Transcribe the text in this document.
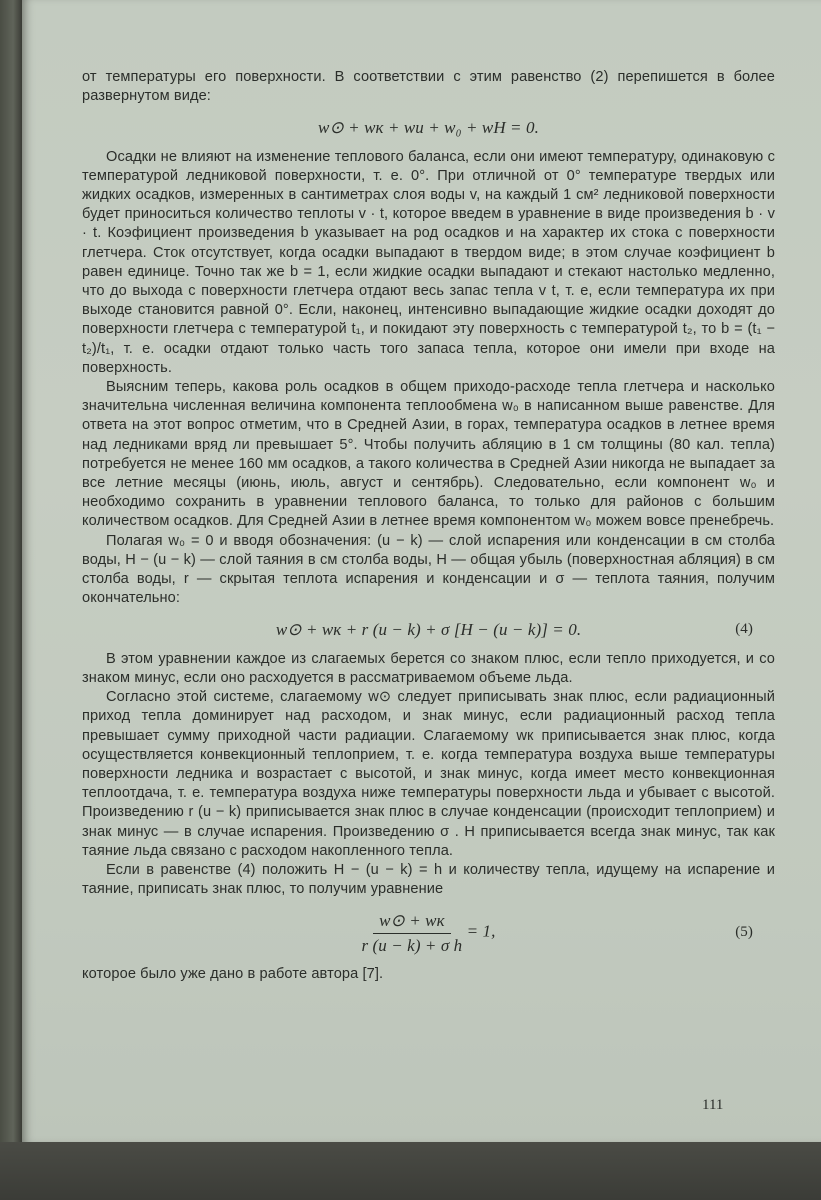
от температуры его поверхности. В соответствии с этим равенство (2) перепишется в более развернутом виде:

w⊙ + wк + wи + w₀ + wH = 0.

Осадки не влияют на изменение теплового баланса, если они имеют температуру, одинаковую с температурой ледниковой поверхности, т. е. 0°. При отличной от 0° температуре твердых или жидких осадков, измеренных в сантиметрах слоя воды v, на каждый 1 см² ледниковой поверхности будет приноситься количество теплоты v · t, которое введем в уравнение в виде произведения b · v · t. Коэфициент произведения b указывает на род осадков и на характер их стока с поверхности глетчера. Сток отсутствует, когда осадки выпадают в твердом виде; в этом случае коэфициент b равен единице. Точно так же b = 1, если жидкие осадки выпадают и стекают настолько медленно, что до выхода с поверхности глетчера отдают весь запас тепла v t, т. е, если температура их при выходе становится равной 0°. Если, наконец, интенсивно выпадающие жидкие осадки доходят до поверхности глетчера с температурой t₁, и покидают эту поверхность с температурой t₂, то b = (t₁ − t₂)/t₁, т. е. осадки отдают только часть того запаса тепла, которое они имели при входе на поверхность.

Выясним теперь, какова роль осадков в общем приходо-расходе тепла глетчера и насколько значительна численная величина компонента теплообмена w₀ в написанном выше равенстве. Для ответа на этот вопрос отметим, что в Средней Азии, в горах, температура осадков в летнее время над ледниками вряд ли превышает 5°. Чтобы получить абляцию в 1 см толщины (80 кал. тепла) потребуется не менее 160 мм осадков, а такого количества в Средней Азии никогда не выпадает за все летние месяцы (июнь, июль, август и сентябрь). Следовательно, если компонент w₀ и необходимо сохранить в уравнении теплового баланса, то только для районов с большим количеством осадков. Для Средней Азии в летнее время компонентом w₀ можем вовсе пренебречь.

Полагая w₀ = 0 и вводя обозначения: (u − k) — слой испарения или конденсации в см столба воды, H − (u − k) — слой таяния в см столба воды, H — общая убыль (поверхностная абляция) в см столба воды, r — скрытая теплота испарения и конденсации и σ — теплота таяния, получим окончательно:

w⊙ + wк + r (u − k) + σ [H − (u − k)] = 0.	(4)

В этом уравнении каждое из слагаемых берется со знаком плюс, если тепло приходуется, и со знаком минус, если оно расходуется в рассматриваемом объеме льда.

Согласно этой системе, слагаемому w⊙ следует приписывать знак плюс, если радиационный приход тепла доминирует над расходом, и знак минус, если радиационный расход тепла превышает сумму приходной части радиации. Слагаемому wк приписывается знак плюс, когда осуществляется конвекционный теплоприем, т. е. когда температура воздуха выше температуры поверхности ледника и возрастает с высотой, и знак минус, когда имеет место конвекционная теплоотдача, т. е. температура воздуха ниже температуры поверхности льда и убывает с высотой. Произведению r (u − k) приписывается знак плюс в случае конденсации (происходит теплоприем) и знак минус — в случае испарения. Произведению σ . H приписывается всегда знак минус, так как таяние льда связано с расходом накопленного тепла.

Если в равенстве (4) положить H − (u − k) = h и количеству тепла, идущему на испарение и таяние, приписать знак плюс, то получим уравнение

$\frac{w⊙ + wк}{\text{r (u − k) + σ h}} = 1$,	(5)

которое было уже дано в работе автора [7].

111
